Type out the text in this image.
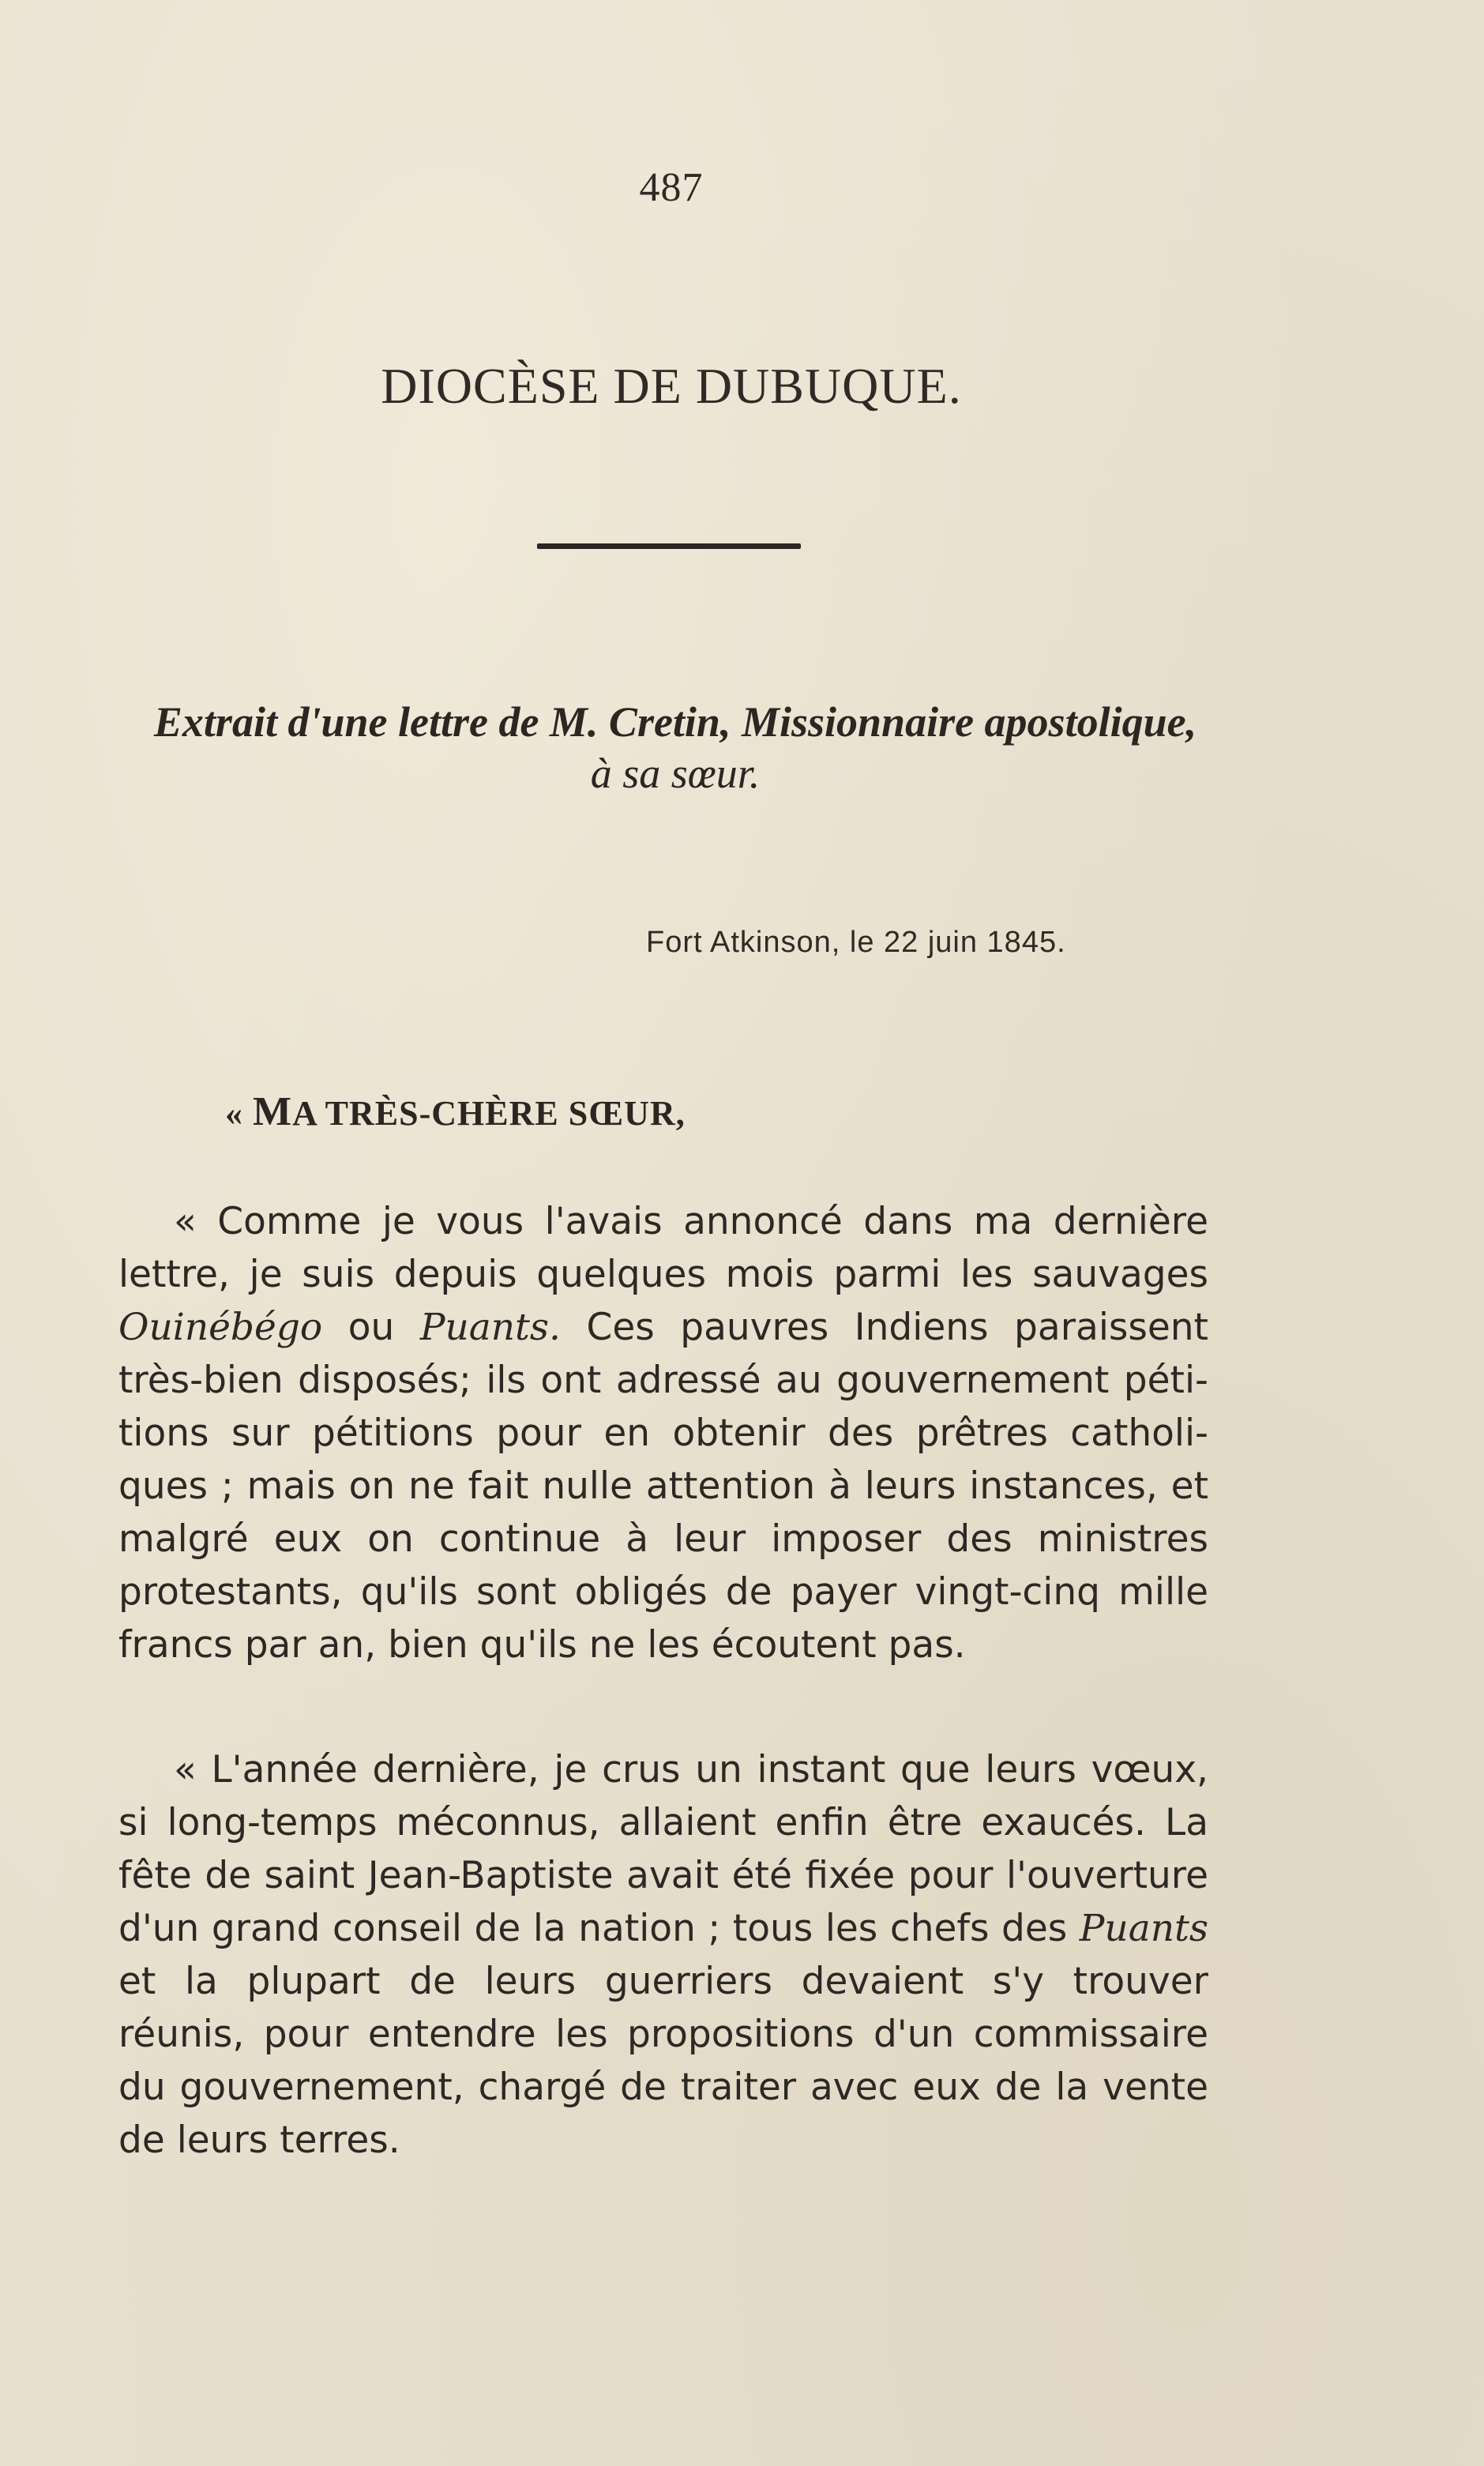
487
DIOCÈSE DE DUBUQUE.
Extrait d'une lettre de M. Cretin, Missionnaire apostolique,
à sa sœur.
Fort Atkinson, le 22 juin 1845.
« MA TRÈS-CHÈRE SŒUR,
« Comme je vous l'avais annoncé dans ma dernière
lettre, je suis depuis quelques mois parmi les sauvages
Ouinébégo ou Puants. Ces pauvres Indiens paraissent
très-bien disposés; ils ont adressé au gouvernement péti-
tions sur pétitions pour en obtenir des prêtres catholi-
ques ; mais on ne fait nulle attention à leurs instances, et
malgré eux on continue à leur imposer des ministres
protestants, qu'ils sont obligés de payer vingt-cinq mille
francs par an, bien qu'ils ne les écoutent pas.
« L'année dernière, je crus un instant que leurs vœux,
si long-temps méconnus, allaient enfin être exaucés. La
fête de saint Jean-Baptiste avait été fixée pour l'ouverture
d'un grand conseil de la nation ; tous les chefs des Puants
et la plupart de leurs guerriers devaient s'y trouver
réunis, pour entendre les propositions d'un commissaire
du gouvernement, chargé de traiter avec eux de la vente
de leurs terres.
